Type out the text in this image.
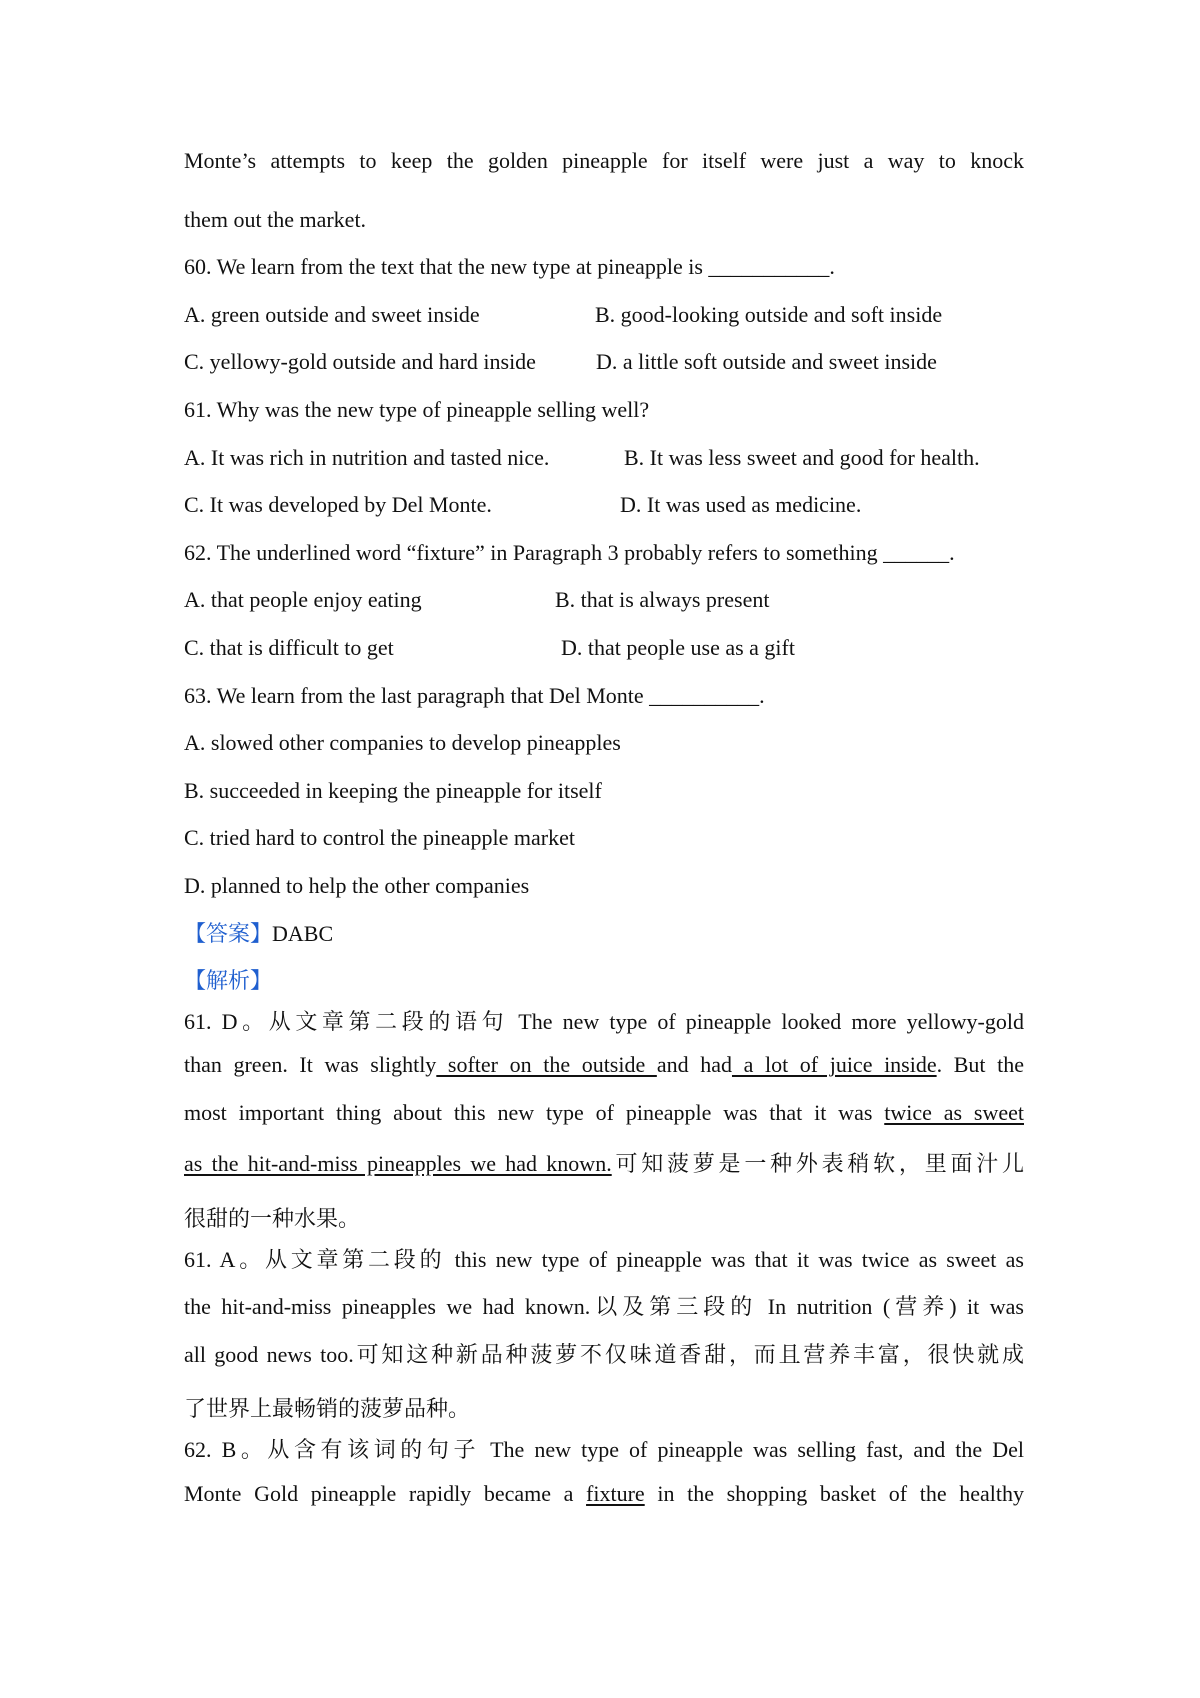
Monte’s attempts to keep the golden pineapple for itself were just a way to knock
them out the market.
60. We learn from the text that the new type at pineapple is ___________.
A. green outside and sweet inside	B. good-looking outside and soft inside
C. yellowy-gold outside and hard inside	D. a little soft outside and sweet inside
61. Why was the new type of pineapple selling well?
A. It was rich in nutrition and tasted nice.	B. It was less sweet and good for health.
C. It was developed by Del Monte.	D. It was used as medicine.
62. The underlined word “fixture” in Paragraph 3 probably refers to something ______.
A. that people enjoy eating	B. that is always present
C. that is difficult to get	D. that people use as a gift
63. We learn from the last paragraph that Del Monte __________.
A. slowed other companies to develop pineapples
B. succeeded in keeping the pineapple for itself
C. tried hard to control the pineapple market
D. planned to help the other companies
【答案】DABC
【解析】
61. D。从文章第二段的语句 The new type of pineapple looked more yellowy-gold
than green. It was slightly softer on the outside and had a lot of juice inside. But the
most important thing about this new type of pineapple was that it was twice as sweet
as the hit-and-miss pineapples we had known.可知菠萝是一种外表稍软，里面汁儿
很甜的一种水果。
61. A。从文章第二段的 this new type of pineapple was that it was twice as sweet as
the hit-and-miss pineapples we had known.以及第三段的 In nutrition (营养) it was
all good news too.可知这种新品种菠萝不仅味道香甜，而且营养丰富，很快就成
了世界上最畅销的菠萝品种。
62. B。从含有该词的句子 The new type of pineapple was selling fast, and the Del
Monte Gold pineapple rapidly became a fixture in the shopping basket of the healthy
